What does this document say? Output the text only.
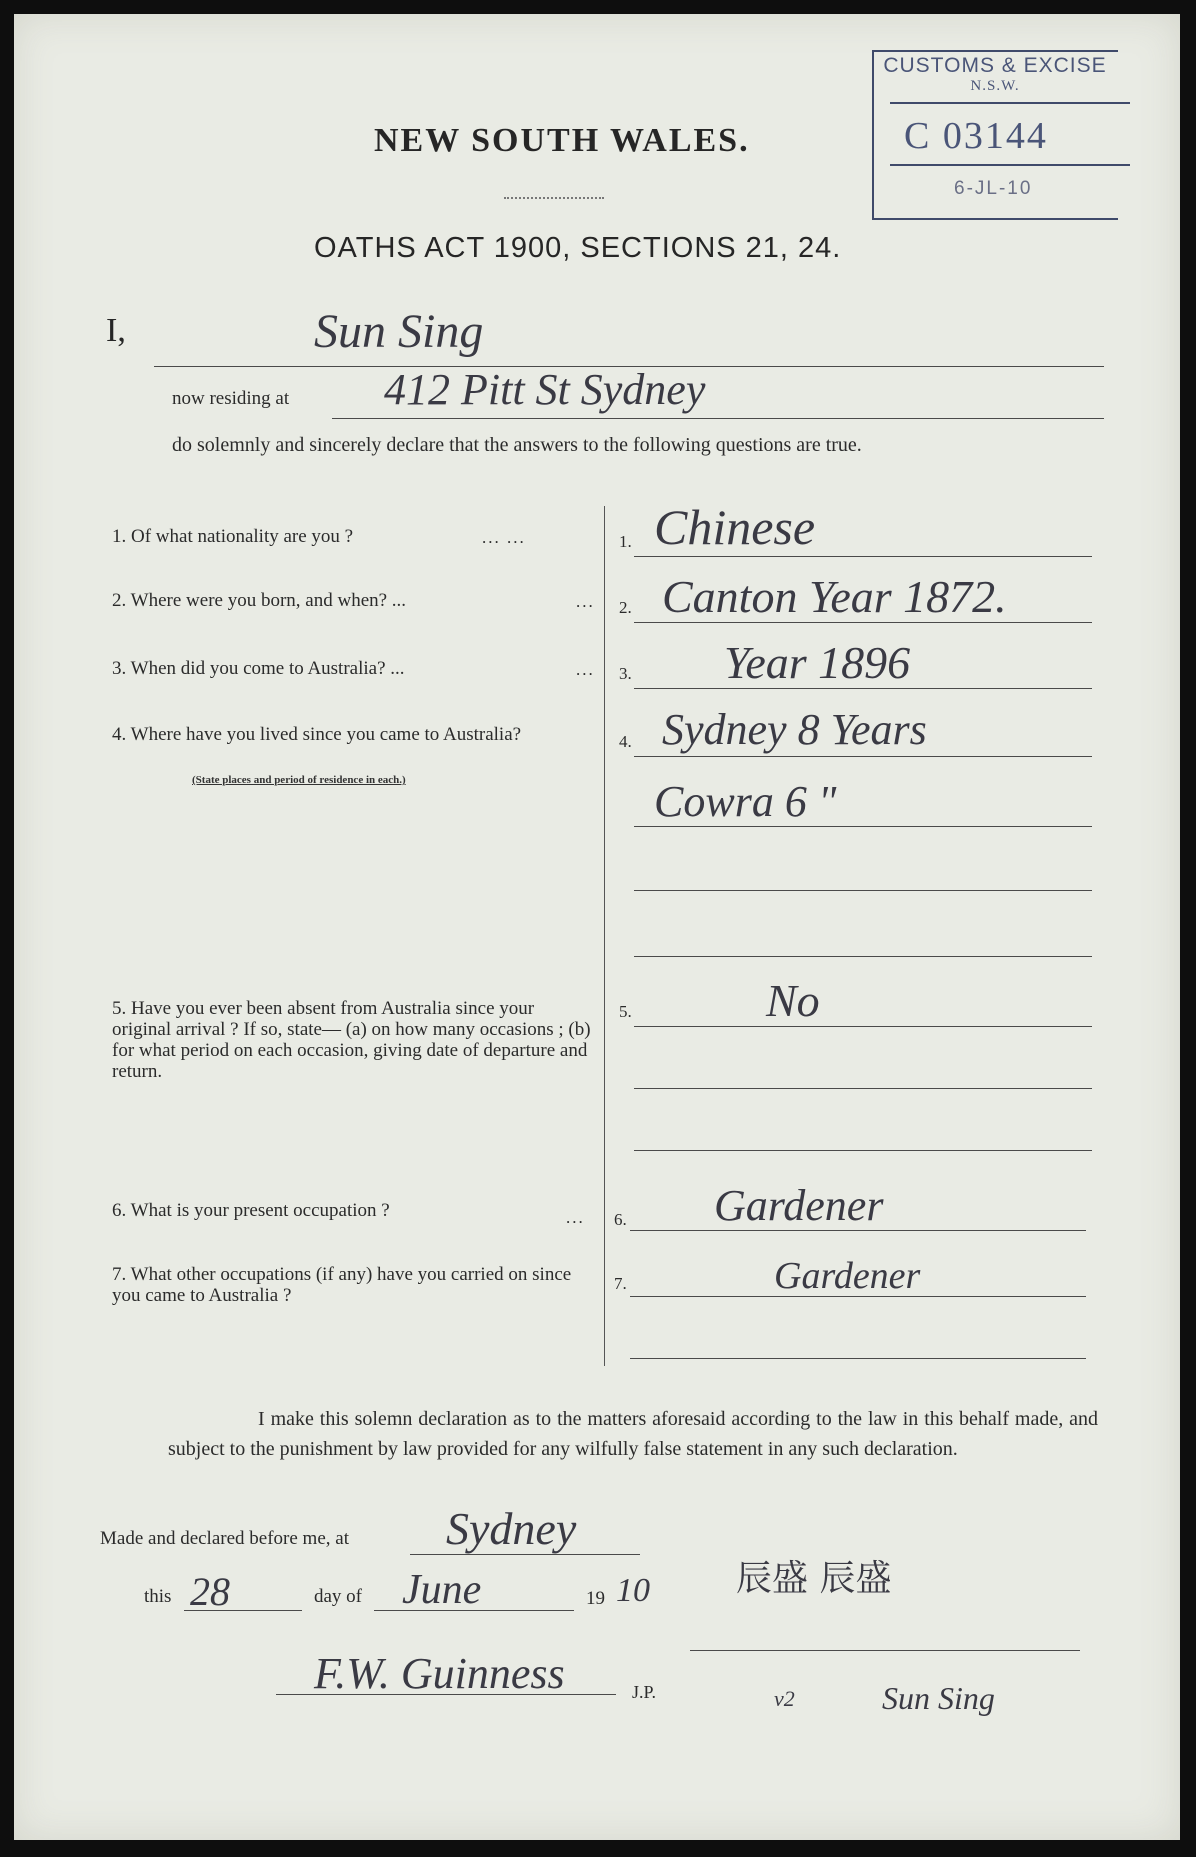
CUSTOMS & EXCISE
N.S.W.
C 03144
6-JL-10
NEW SOUTH WALES.
OATHS ACT 1900, SECTIONS 21, 24.
I,	Sun Sing
now residing at 412 Pitt St Sydney
do solemnly and sincerely declare that the answers to the following questions are true.
1. Of what nationality are you ?	... ...	1. Chinese
2. Where were you born, and when? ...	... 2. Canton Year 1872.
3. When did you come to Australia? ...	... 3. Year 1896
4. Where have you lived since you came to Australia?
(State places and period of residence in each.)
4. Sydney 8 Years
Cowra 6 "
5. Have you ever been absent from Australia since your original arrival ? If so, state— (a) on how many occasions ; (b) for what period on each occasion, giving date of departure and return.
5.	No
6. What is your present occupation ?	... 6. Gardener
7. What other occupations (if any) have you carried on since you came to Australia ?
7.	Gardener
I make this solemn declaration as to the matters aforesaid according to the law in this behalf made, and subject to the punishment by law provided for any wilfully false statement in any such declaration.
Made and declared before me, at Sydney
this 28	day of June	19 10 辰盛 辰盛
F.W. Guinness	J.P.	v2	Sun Sing
